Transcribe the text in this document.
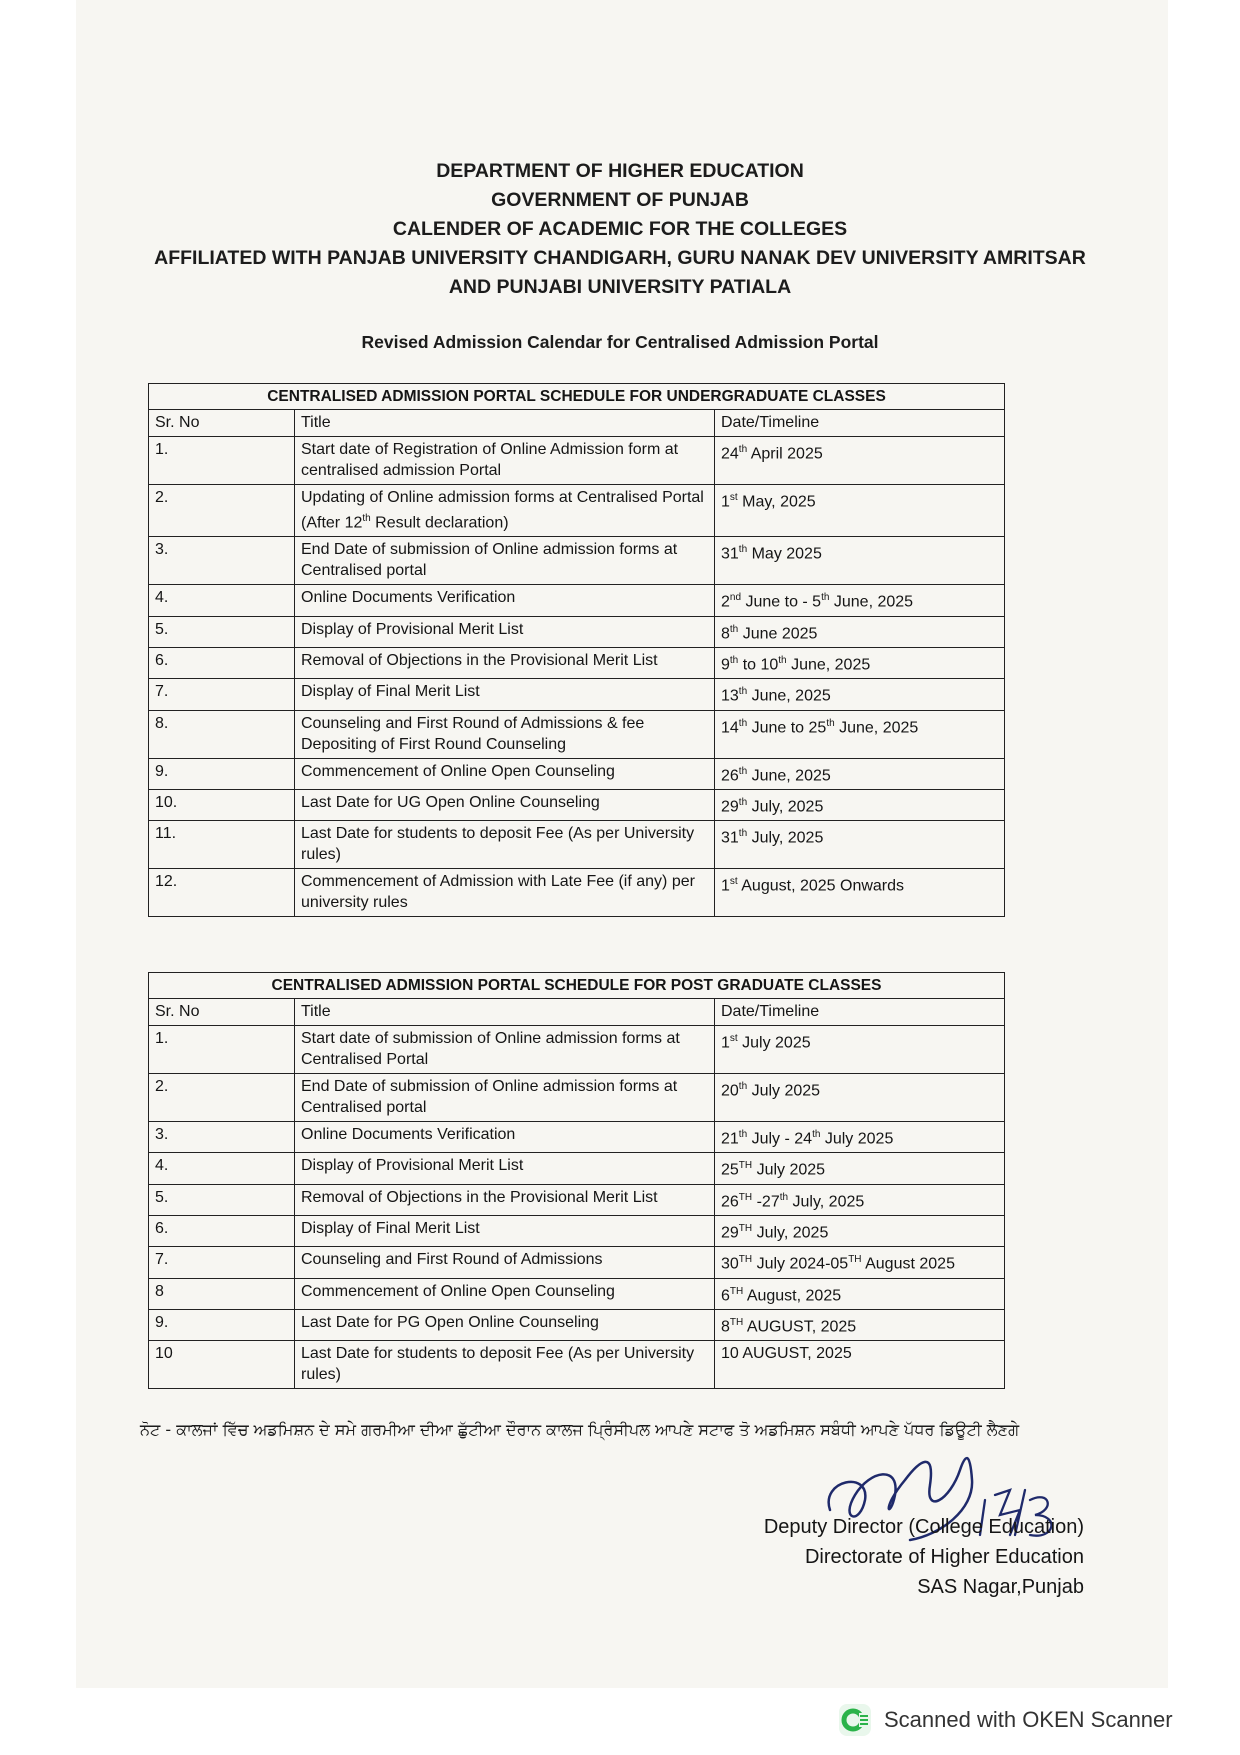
DEPARTMENT OF HIGHER EDUCATION
GOVERNMENT OF PUNJAB
CALENDER OF ACADEMIC FOR THE COLLEGES
AFFILIATED WITH PANJAB UNIVERSITY CHANDIGARH, GURU NANAK DEV UNIVERSITY AMRITSAR
AND PUNJABI UNIVERSITY PATIALA
Revised Admission Calendar for Centralised Admission Portal
CENTRALISED ADMISSION PORTAL SCHEDULE FOR UNDERGRADUATE CLASSES		
Sr. No	Title	Date/Timeline
1.	Start date of Registration of Online Admission form at centralised admission Portal	24th April 2025
2.	Updating of Online admission forms at Centralised Portal (After 12th Result declaration)	1st May, 2025
3.	End Date of submission of Online admission forms at Centralised portal	31th May 2025
4.	Online Documents Verification	2nd June to - 5th June, 2025
5.	Display of Provisional Merit List	8th June 2025
6.	Removal of Objections in the Provisional Merit List	9th to 10th June, 2025
7.	Display of Final Merit List	13th June, 2025
8.	Counseling and First Round of Admissions & fee Depositing of First Round Counseling	14th June to 25th June, 2025
9.	Commencement of Online Open Counseling	26th June, 2025
10.	Last Date for UG Open Online Counseling	29th July, 2025
11.	Last Date for students to deposit Fee (As per University rules)	31th July, 2025
12.	Commencement of Admission with Late Fee (if any) per university rules	1st August, 2025 Onwards
CENTRALISED ADMISSION PORTAL SCHEDULE FOR POST GRADUATE CLASSES		
Sr. No	Title	Date/Timeline
1.	Start date of submission of Online admission forms at Centralised Portal	1st July 2025
2.	End Date of submission of Online admission forms at Centralised portal	20th July 2025
3.	Online Documents Verification	21th July - 24th July 2025
4.	Display of Provisional Merit List	25TH July 2025
5.	Removal of Objections in the Provisional Merit List	26TH -27th July, 2025
6.	Display of Final Merit List	29TH July, 2025
7.	Counseling and First Round of Admissions	30TH July 2024-05TH August 2025
8	Commencement of Online Open Counseling	6TH August, 2025
9.	Last Date for PG Open Online Counseling	8TH AUGUST, 2025
10	Last Date for students to deposit Fee (As per University rules)	10 AUGUST, 2025
ਨੋਟ - ਕਾਲਜਾਂ ਵਿੱਚ ਅਡਮਿਸ਼ਨ ਦੇ ਸਮੇ ਗਰਮੀਆ ਦੀਆ ਛੁੱਟੀਆ ਦੌਰਾਨ ਕਾਲਜ ਪ੍ਰਿੰਸੀਪਲ ਆਪਣੇ ਸਟਾਫ ਤੋ ਅਡਮਿਸ਼ਨ ਸਬੰਧੀ ਆਪਣੇ ਪੱਧਰ ਡਿਊਟੀ ਲੈਣਗੇ
Deputy Director (College Education)
Directorate of Higher Education
SAS Nagar,Punjab
Scanned with OKEN Scanner
